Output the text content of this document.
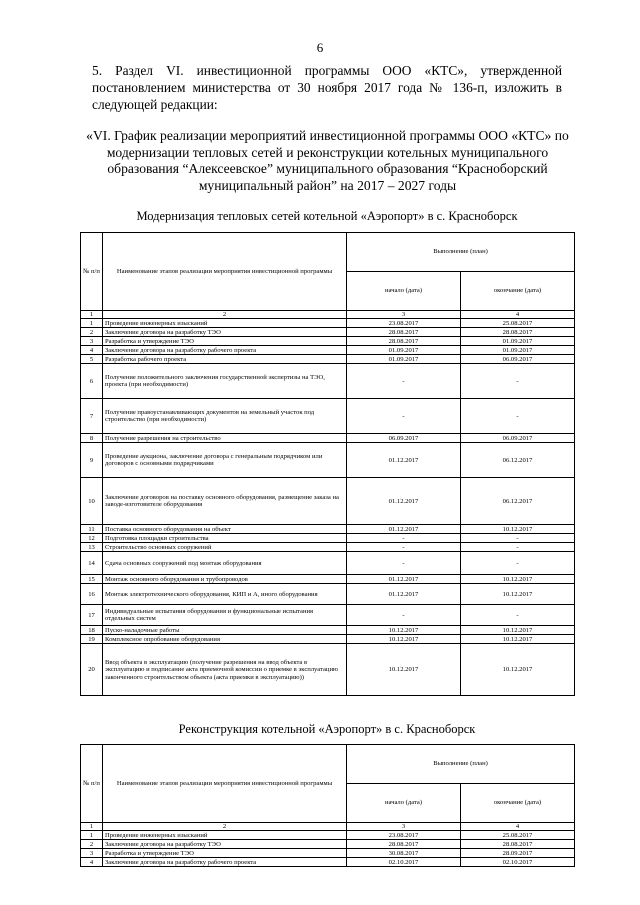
6
5. Раздел VI. инвестиционной программы ООО «КТС», утвержденной постановлением министерства от 30 ноября 2017 года № 136-п, изложить в следующей редакции:
«VI. График реализации мероприятий инвестиционной программы ООО «КТС» по модернизации тепловых сетей и реконструкции котельных муниципального образования “Алексеевское” муниципального образования “Красноборский муниципальный район” на 2017 – 2027 годы
Модернизация тепловых сетей котельной «Аэропорт» в с. Красноборск
№ п/п	Наименование этапов реализации мероприятия инвестиционной программы	Выполнение (план)	
		начало (дата)	окончание (дата)
1	2	3	4
1	Проведение инженерных изысканий	23.08.2017	25.08.2017
2	Заключение договора на разработку ТЭО	28.08.2017	28.08.2017
3	Разработка и утверждение ТЭО	28.08.2017	01.09.2017
4	Заключение договора на разработку рабочего проекта	01.09.2017	01.09.2017
5	Разработка рабочего проекта	01.09.2017	06.09.2017
6	Получение положительного заключения государственной экспертизы на ТЭО, проекта (при необходимости)	-	-
7	Получение правоустанавливающих документов на земельный участок под строительство (при необходимости)	-	-
8	Получение разрешения на строительство	06.09.2017	06.09.2017
9	Проведение аукциона, заключение договора с генеральным подрядчиком или договоров с основными подрядчиками	01.12.2017	06.12.2017
10	Заключение договоров на поставку основного оборудования, размещение заказа на заводе-изготовителе оборудования	01.12.2017	06.12.2017
11	Поставка основного оборудования на объект	01.12.2017	10.12.2017
12	Подготовка площадки строительства	-	-
13	Строительство основных сооружений	-	-
14	Сдача основных сооружений под монтаж оборудования	-	-
15	Монтаж основного оборудования и трубопроводов	01.12.2017	10.12.2017
16	Монтаж электротехнического оборудования, КИП и А, иного оборудования	01.12.2017	10.12.2017
17	Индивидуальные испытания оборудования и функциональные испытания отдельных систем	-	-
18	Пуско-наладочные работы	10.12.2017	10.12.2017
19	Комплексное опробование оборудования	10.12.2017	10.12.2017
20	Ввод объекта в эксплуатацию (получение разрешения на ввод объекта в эксплуатацию и подписание акта приемочной комиссии о приемке в эксплуатацию законченного строительством объекта (акта приемки в эксплуатацию))	10.12.2017	10.12.2017
Реконструкция котельной «Аэропорт» в с. Красноборск
№ п/п	Наименование этапов реализации мероприятия инвестиционной программы	Выполнение (план)	
		начало (дата)	окончание (дата)
1	2	3	4
1	Проведение инженерных изысканий	23.08.2017	25.08.2017
2	Заключение договора на разработку ТЭО	28.08.2017	28.08.2017
3	Разработка и утверждение ТЭО	30.08.2017	28.09.2017
4	Заключение договора на разработку рабочего проекта	02.10.2017	02.10.2017
